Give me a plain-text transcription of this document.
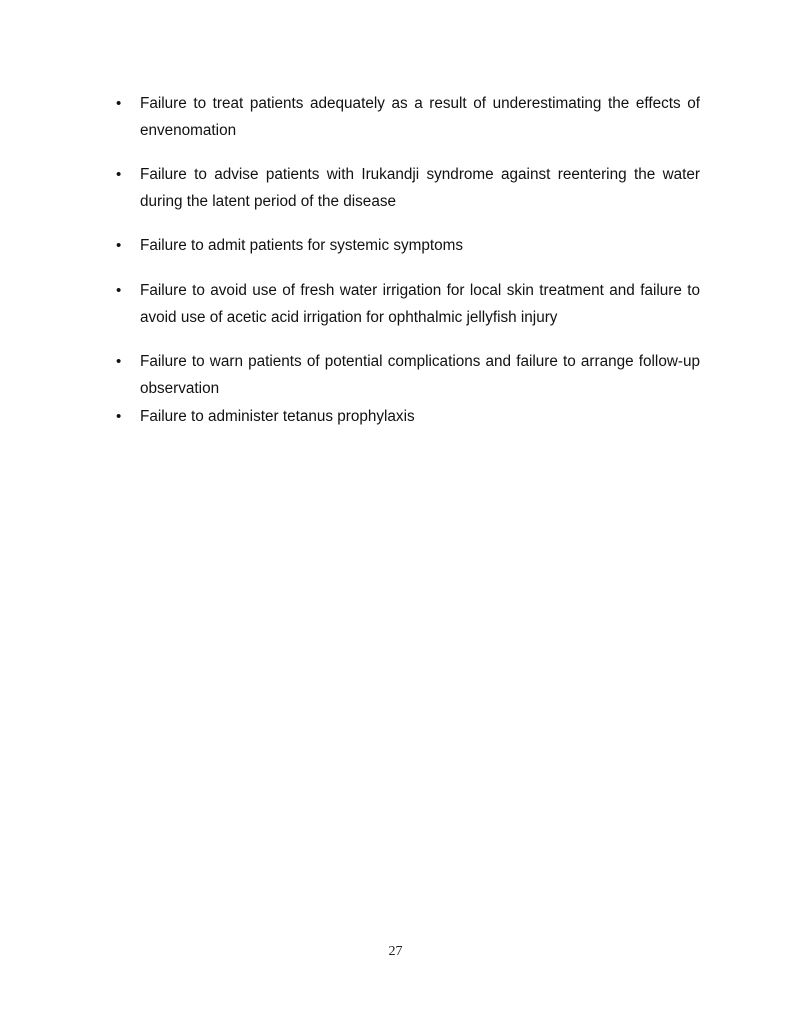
•	Failure to treat patients adequately as a result of underestimating the effects of envenomation
•	Failure to advise patients with Irukandji syndrome against reentering the water during the latent period of the disease
•	Failure to admit patients for systemic symptoms
•	Failure to avoid use of fresh water irrigation for local skin treatment and failure to avoid use of acetic acid irrigation for ophthalmic jellyfish injury
•	Failure to warn patients of potential complications and failure to arrange follow-up observation
•	Failure to administer tetanus prophylaxis
27
